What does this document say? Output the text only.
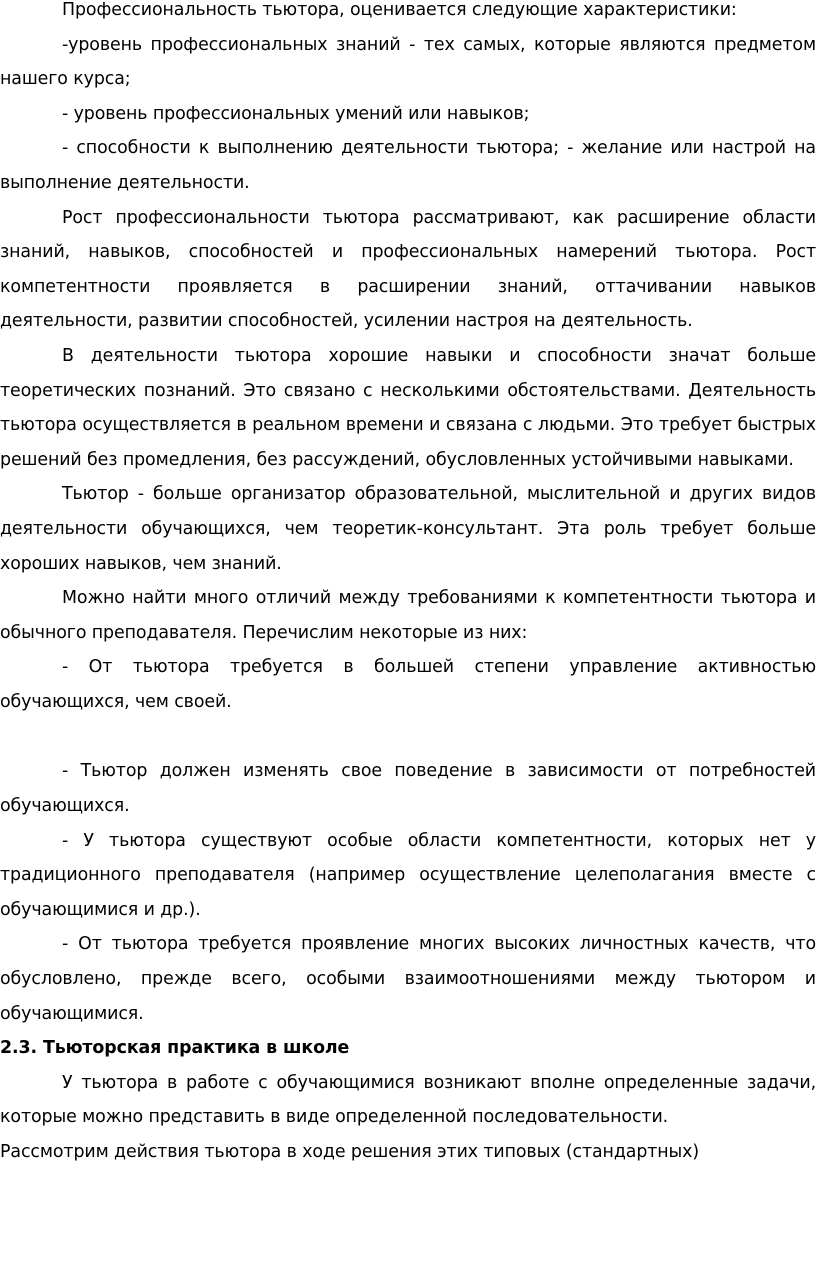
Профессиональность тьютора, оценивается следующие характеристики:

-уровень профессиональных знаний - тех самых, которые являются предметом нашего курса;

- уровень профессиональных умений или навыков;

- способности к выполнению деятельности тьютора; - желание или настрой на выполнение деятельности.

Рост профессиональности тьютора рассматривают, как расширение области знаний, навыков, способностей и профессиональных намерений тьютора. Рост компетентности проявляется в расширении знаний, оттачивании навыков деятельности, развитии способностей, усилении настроя на деятельность.

В деятельности тьютора хорошие навыки и способности значат больше теоретических познаний. Это связано с несколькими обстоятельствами. Деятельность тьютора осуществляется в реальном времени и связана с людьми. Это требует быстрых решений без промедления, без рассуждений, обусловленных устойчивыми навыками.

Тьютор - больше организатор образовательной, мыслительной и других видов деятельности обучающихся, чем теоретик-консультант. Эта роль требует больше хороших навыков, чем знаний.

Можно найти много отличий между требованиями к компетентности тьютора и обычного преподавателя. Перечислим некоторые из них:

- От тьютора требуется в большей степени управление активностью обучающихся, чем своей.

- Тьютор должен изменять свое поведение в зависимости от потребностей обучающихся.

- У тьютора существуют особые области компетентности, которых нет у традиционного преподавателя (например осуществление целеполагания вместе с обучающимися и др.).

- От тьютора требуется проявление многих высоких личностных качеств, что обусловлено, прежде всего, особыми взаимоотношениями между тьютором и обучающимися.

2.3. Тьюторская практика в школе

У тьютора в работе с обучающимися возникают вполне определенные задачи, которые можно представить в виде определенной последовательности.

Рассмотрим действия тьютора в ходе решения этих типовых (стандартных)
